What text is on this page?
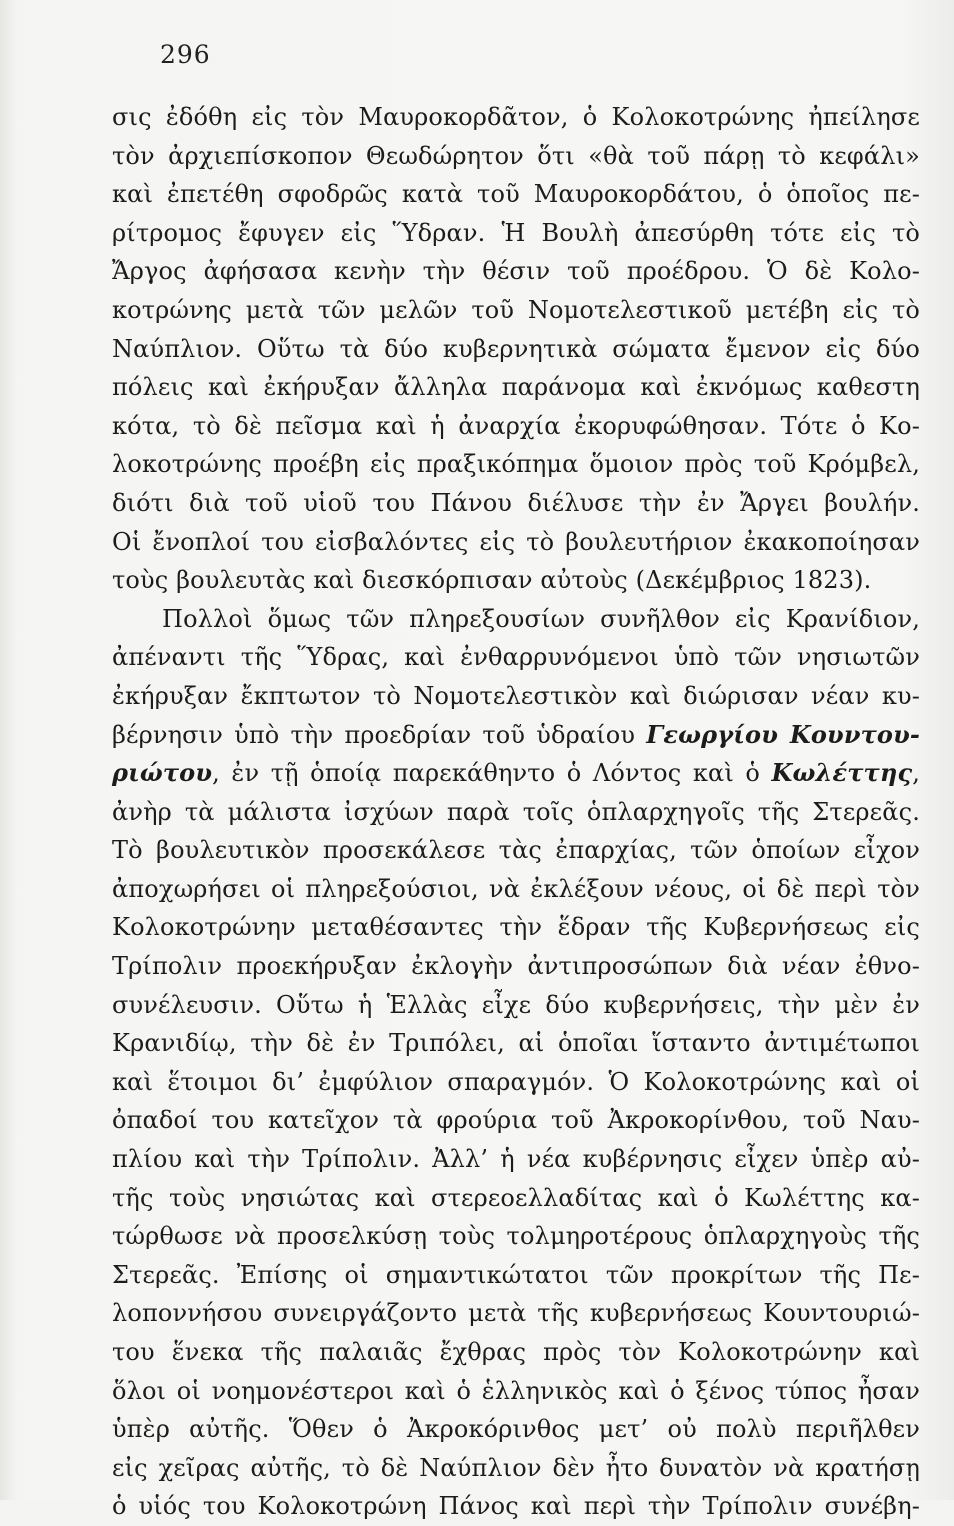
296
σις ἐδόθη εἰς τὸν Μαυροκορδᾶτον, ὁ Κολοκοτρώνης ἠπείλησε
τὸν ἀρχιεπίσκοπον Θεωδώρητον ὅτι «θὰ τοῦ πάρῃ τὸ κεφάλι»
καὶ ἐπετέθη σφοδρῶς κατὰ τοῦ Μαυροκορδάτου, ὁ ὁποῖος πε-
ρίτρομος ἔφυγεν εἰς Ὕδραν. Ἡ Βουλὴ ἀπεσύρθη τότε εἰς τὸ
Ἄργος ἀφήσασα κενὴν τὴν θέσιν τοῦ προέδρου. Ὁ δὲ Κολο-
κοτρώνης μετὰ τῶν μελῶν τοῦ Νομοτελεστικοῦ μετέβη εἰς τὸ
Ναύπλιον. Οὕτω τὰ δύο κυβερνητικὰ σώματα ἔμενον εἰς δύο
πόλεις καὶ ἐκήρυξαν ἄλληλα παράνομα καὶ ἐκνόμως καθεστη
κότα, τὸ δὲ πεῖσμα καὶ ἡ ἀναρχία ἐκορυφώθησαν. Τότε ὁ Κο-
λοκοτρώνης προέβη εἰς πραξικόπημα ὅμοιον πρὸς τοῦ Κρόμβελ,
διότι διὰ τοῦ υἱοῦ του Πάνου διέλυσε τὴν ἐν Ἄργει βουλήν.
Οἱ ἔνοπλοί του εἰσβαλόντες εἰς τὸ βουλευτήριον ἐκακοποίησαν
τοὺς βουλευτὰς καὶ διεσκόρπισαν αὐτοὺς (Δεκέμβριος 1823).
Πολλοὶ ὅμως τῶν πληρεξουσίων συνῆλθον εἰς Κρανίδιον,
ἀπέναντι τῆς Ὕδρας, καὶ ἐνθαρρυνόμενοι ὑπὸ τῶν νησιωτῶν
ἐκήρυξαν ἔκπτωτον τὸ Νομοτελεστικὸν καὶ διώρισαν νέαν κυ-
βέρνησιν ὑπὸ τὴν προεδρίαν τοῦ ὑδραίου Γεωργίου Κουντου-
ριώτου, ἐν τῇ ὁποίᾳ παρεκάθηντο ὁ Λόντος καὶ ὁ Κωλέττης,
ἀνὴρ τὰ μάλιστα ἰσχύων παρὰ τοῖς ὁπλαρχηγοῖς τῆς Στερεᾶς.
Τὸ βουλευτικὸν προσεκάλεσε τὰς ἐπαρχίας, τῶν ὁποίων εἶχον
ἀποχωρήσει οἱ πληρεξούσιοι, νὰ ἐκλέξουν νέους, οἱ δὲ περὶ τὸν
Κολοκοτρώνην μεταθέσαντες τὴν ἕδραν τῆς Κυβερνήσεως εἰς
Τρίπολιν προεκήρυξαν ἐκλογὴν ἀντιπροσώπων διὰ νέαν ἐθνο-
συνέλευσιν. Οὕτω ἡ Ἑλλὰς εἶχε δύο κυβερνήσεις, τὴν μὲν ἐν
Κρανιδίῳ, τὴν δὲ ἐν Τριπόλει, αἱ ὁποῖαι ἵσταντο ἀντιμέτωποι
καὶ ἕτοιμοι δι’ ἐμφύλιον σπαραγμόν. Ὁ Κολοκοτρώνης καὶ οἱ
ὀπαδοί του κατεῖχον τὰ φρούρια τοῦ Ἀκροκορίνθου, τοῦ Ναυ-
πλίου καὶ τὴν Τρίπολιν. Ἀλλ’ ἡ νέα κυβέρνησις εἶχεν ὑπὲρ αὐ-
τῆς τοὺς νησιώτας καὶ στερεοελλαδίτας καὶ ὁ Κωλέττης κα-
τώρθωσε νὰ προσελκύσῃ τοὺς τολμηροτέρους ὁπλαρχηγοὺς τῆς
Στερεᾶς. Ἐπίσης οἱ σημαντικώτατοι τῶν προκρίτων τῆς Πε-
λοποννήσου συνειργάζοντο μετὰ τῆς κυβερνήσεως Κουντουριώ-
του ἕνεκα τῆς παλαιᾶς ἔχθρας πρὸς τὸν Κολοκοτρώνην καὶ
ὅλοι οἱ νοημονέστεροι καὶ ὁ ἑλληνικὸς καὶ ὁ ξένος τύπος ἦσαν
ὑπὲρ αὐτῆς. Ὅθεν ὁ Ἀκροκόρινθος μετ’ οὐ πολὺ περιῆλθεν
εἰς χεῖρας αὐτῆς, τὸ δὲ Ναύπλιον δὲν ἦτο δυνατὸν νὰ κρατήσῃ
ὁ υἱός του Κολοκοτρώνη Πάνος καὶ περὶ τὴν Τρίπολιν συνέβη-
